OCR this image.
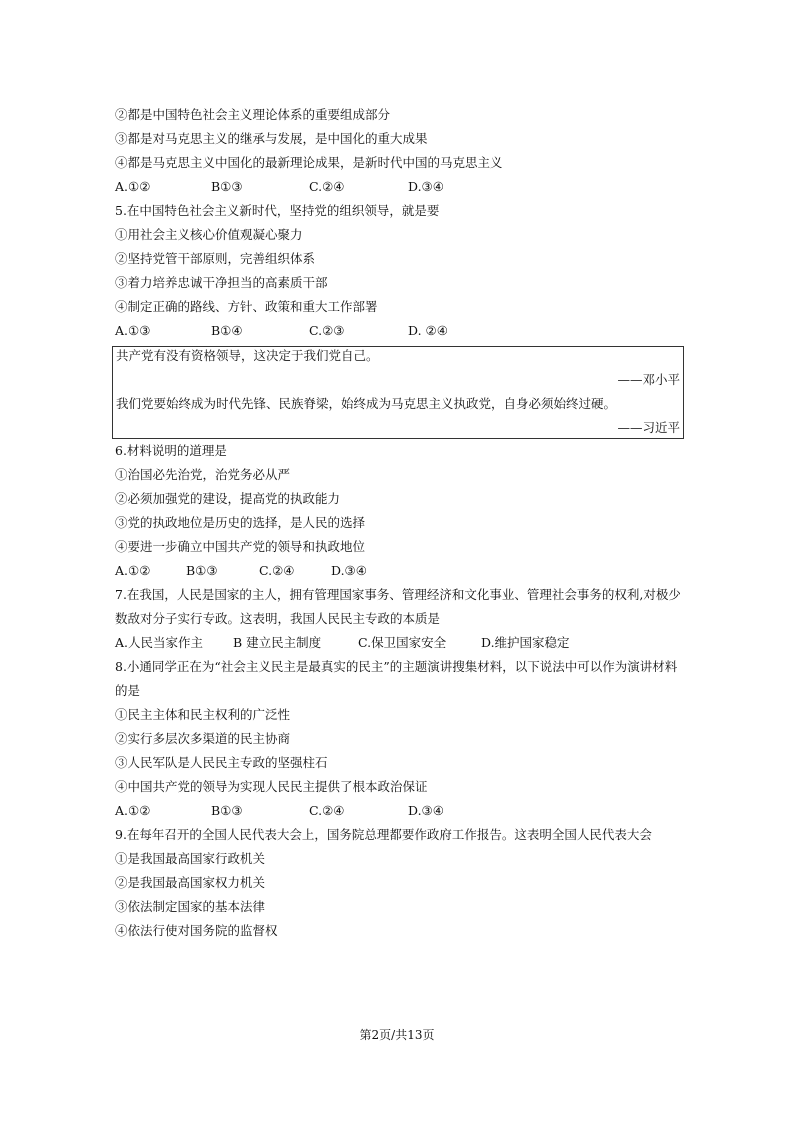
②都是中国特色社会主义理论体系的重要组成部分
③都是对马克思主义的继承与发展，是中国化的重大成果
④都是马克思主义中国化的最新理论成果，是新时代中国的马克思主义
A.①②	B①③	C.②④	D.③④
5.在中国特色社会主义新时代，坚持党的组织领导，就是要
①用社会主义核心价值观凝心聚力
②坚持党管干部原则，完善组织体系
③着力培养忠诚干净担当的高素质干部
④制定正确的路线、方针、政策和重大工作部署
A.①③	B①④	C.②③	D. ②④
共产党有没有资格领导，这决定于我们党自己。
——邓小平
我们党要始终成为时代先锋、民族脊梁，始终成为马克思主义执政党，自身必须始终过硬。
——习近平
6.材料说明的道理是
①治国必先治党，治党务必从严
②必须加强党的建设，提高党的执政能力
③党的执政地位是历史的选择，是人民的选择
④要进一步确立中国共产党的领导和执政地位
A.①②	B①③	C.②④	D.③④
7.在我国，人民是国家的主人，拥有管理国家事务、管理经济和文化事业、管理社会事务的权利,对极少数敌对分子实行专政。这表明，我国人民民主专政的本质是
A.人民当家作主 B 建立民主制度	C.保卫国家安全	D.维护国家稳定
8.小通同学正在为“社会主义民主是最真实的民主”的主题演讲搜集材料，以下说法中可以作为演讲材料的是
①民主主体和民主权利的广泛性
②实行多层次多渠道的民主协商
③人民军队是人民民主专政的坚强柱石
④中国共产党的领导为实现人民民主提供了根本政治保证
A.①②	B①③	C.②④	D.③④
9.在每年召开的全国人民代表大会上，国务院总理都要作政府工作报告。这表明全国人民代表大会
①是我国最高国家行政机关
②是我国最高国家权力机关
③依法制定国家的基本法律
④依法行使对国务院的监督权
第2页/共13页
